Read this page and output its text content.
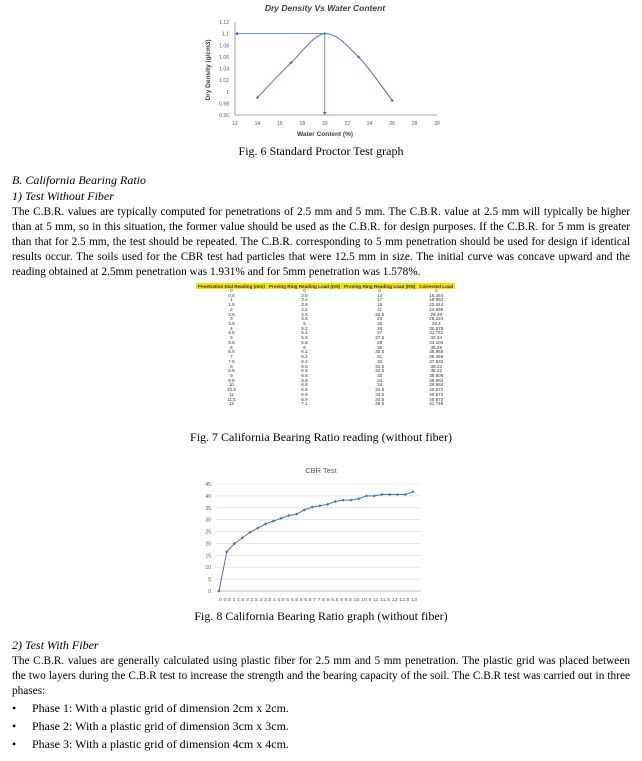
Dry Density Vs Water Content
0.96
0.98
1
1.02
1.04
1.06
1.08
1.1
1.12
12	14	16	18	20	22	24	26	28	30
Water Content (%)
Dry Density (g/cm3)
Fig. 6 Standard Proctor Test graph
B. California Bearing Ratio
1) Test Without Fiber
The C.B.R. values are typically computed for penetrations of 2.5 mm and 5 mm. The C.B.R. value at 2.5 mm will typically be higher than at 5 mm, so in this situation, the former value should be used as the C.B.R. for design purposes. If the C.B.R. for 5 mm is greater than that for 2.5 mm, the test should be repeated. The C.B.R. corresponding to 5 mm penetration should be used for design if identical results occur. The soils used for the CBR test had particles that were 12.5 mm in size. The initial curve was concave upward and the reading obtained at 2.5mm penetration was 1.931% and for 5mm penetration was 1.578%.
Penetration Dial Reading (mm)	Proving Ring Reading Load (KN)	Proving Ring Reading Load (KN)	Corrected Load
0	0	0	0
0.5	2.8	14	16.464
1	3.4	17	19.992
1.5	3.8	19	22.344
2	4.2	21	24.696
2.5	4.5	22.5	26.46
3	4.8	24	28.224
3.5	5	25	29.4
4	5.2	26	30.576
4.5	5.4	27	31.752
5	5.5	27.5	32.34
5.5	5.8	29	34.104
6	6	30	35.28
6.5	6.1	30.5	35.868
7	6.2	31	36.456
7.5	6.4	32	37.632
8	6.5	32.5	38.22
8.5	6.5	32.5	38.22
9	6.6	33	38.808
9.5	6.8	34	39.984
10	6.8	34	39.984
10.5	6.9	34.5	40.572
11	6.9	34.5	40.572
11.5	6.9	34.5	40.572
12	7.1	35.5	41.748
Fig. 7 California Bearing Ratio reading (without fiber)
CBR Test
0
5
10
15
20
25
30
35
40
45
0 0.5 1 1.5 2 2.5 3 3.5 4 4.5 5 5.5 6 6.5 7 7.5 8 8.5 9 9.5 10 10.5 11 11.5 12 12.5 13
Fig. 8 California Bearing Ratio graph (without fiber)
2) Test With Fiber
The C.B.R. values are generally calculated using plastic fiber for 2.5 mm and 5 mm penetration. The plastic grid was placed between the two layers during the C.B.R test to increase the strength and the bearing capacity of the soil. The C.B.R test was carried out in three phases:
• Phase 1: With a plastic grid of dimension 2cm x 2cm.
• Phase 2: With a plastic grid of dimension 3cm x 3cm.
• Phase 3: With a plastic grid of dimension 4cm x 4cm.
